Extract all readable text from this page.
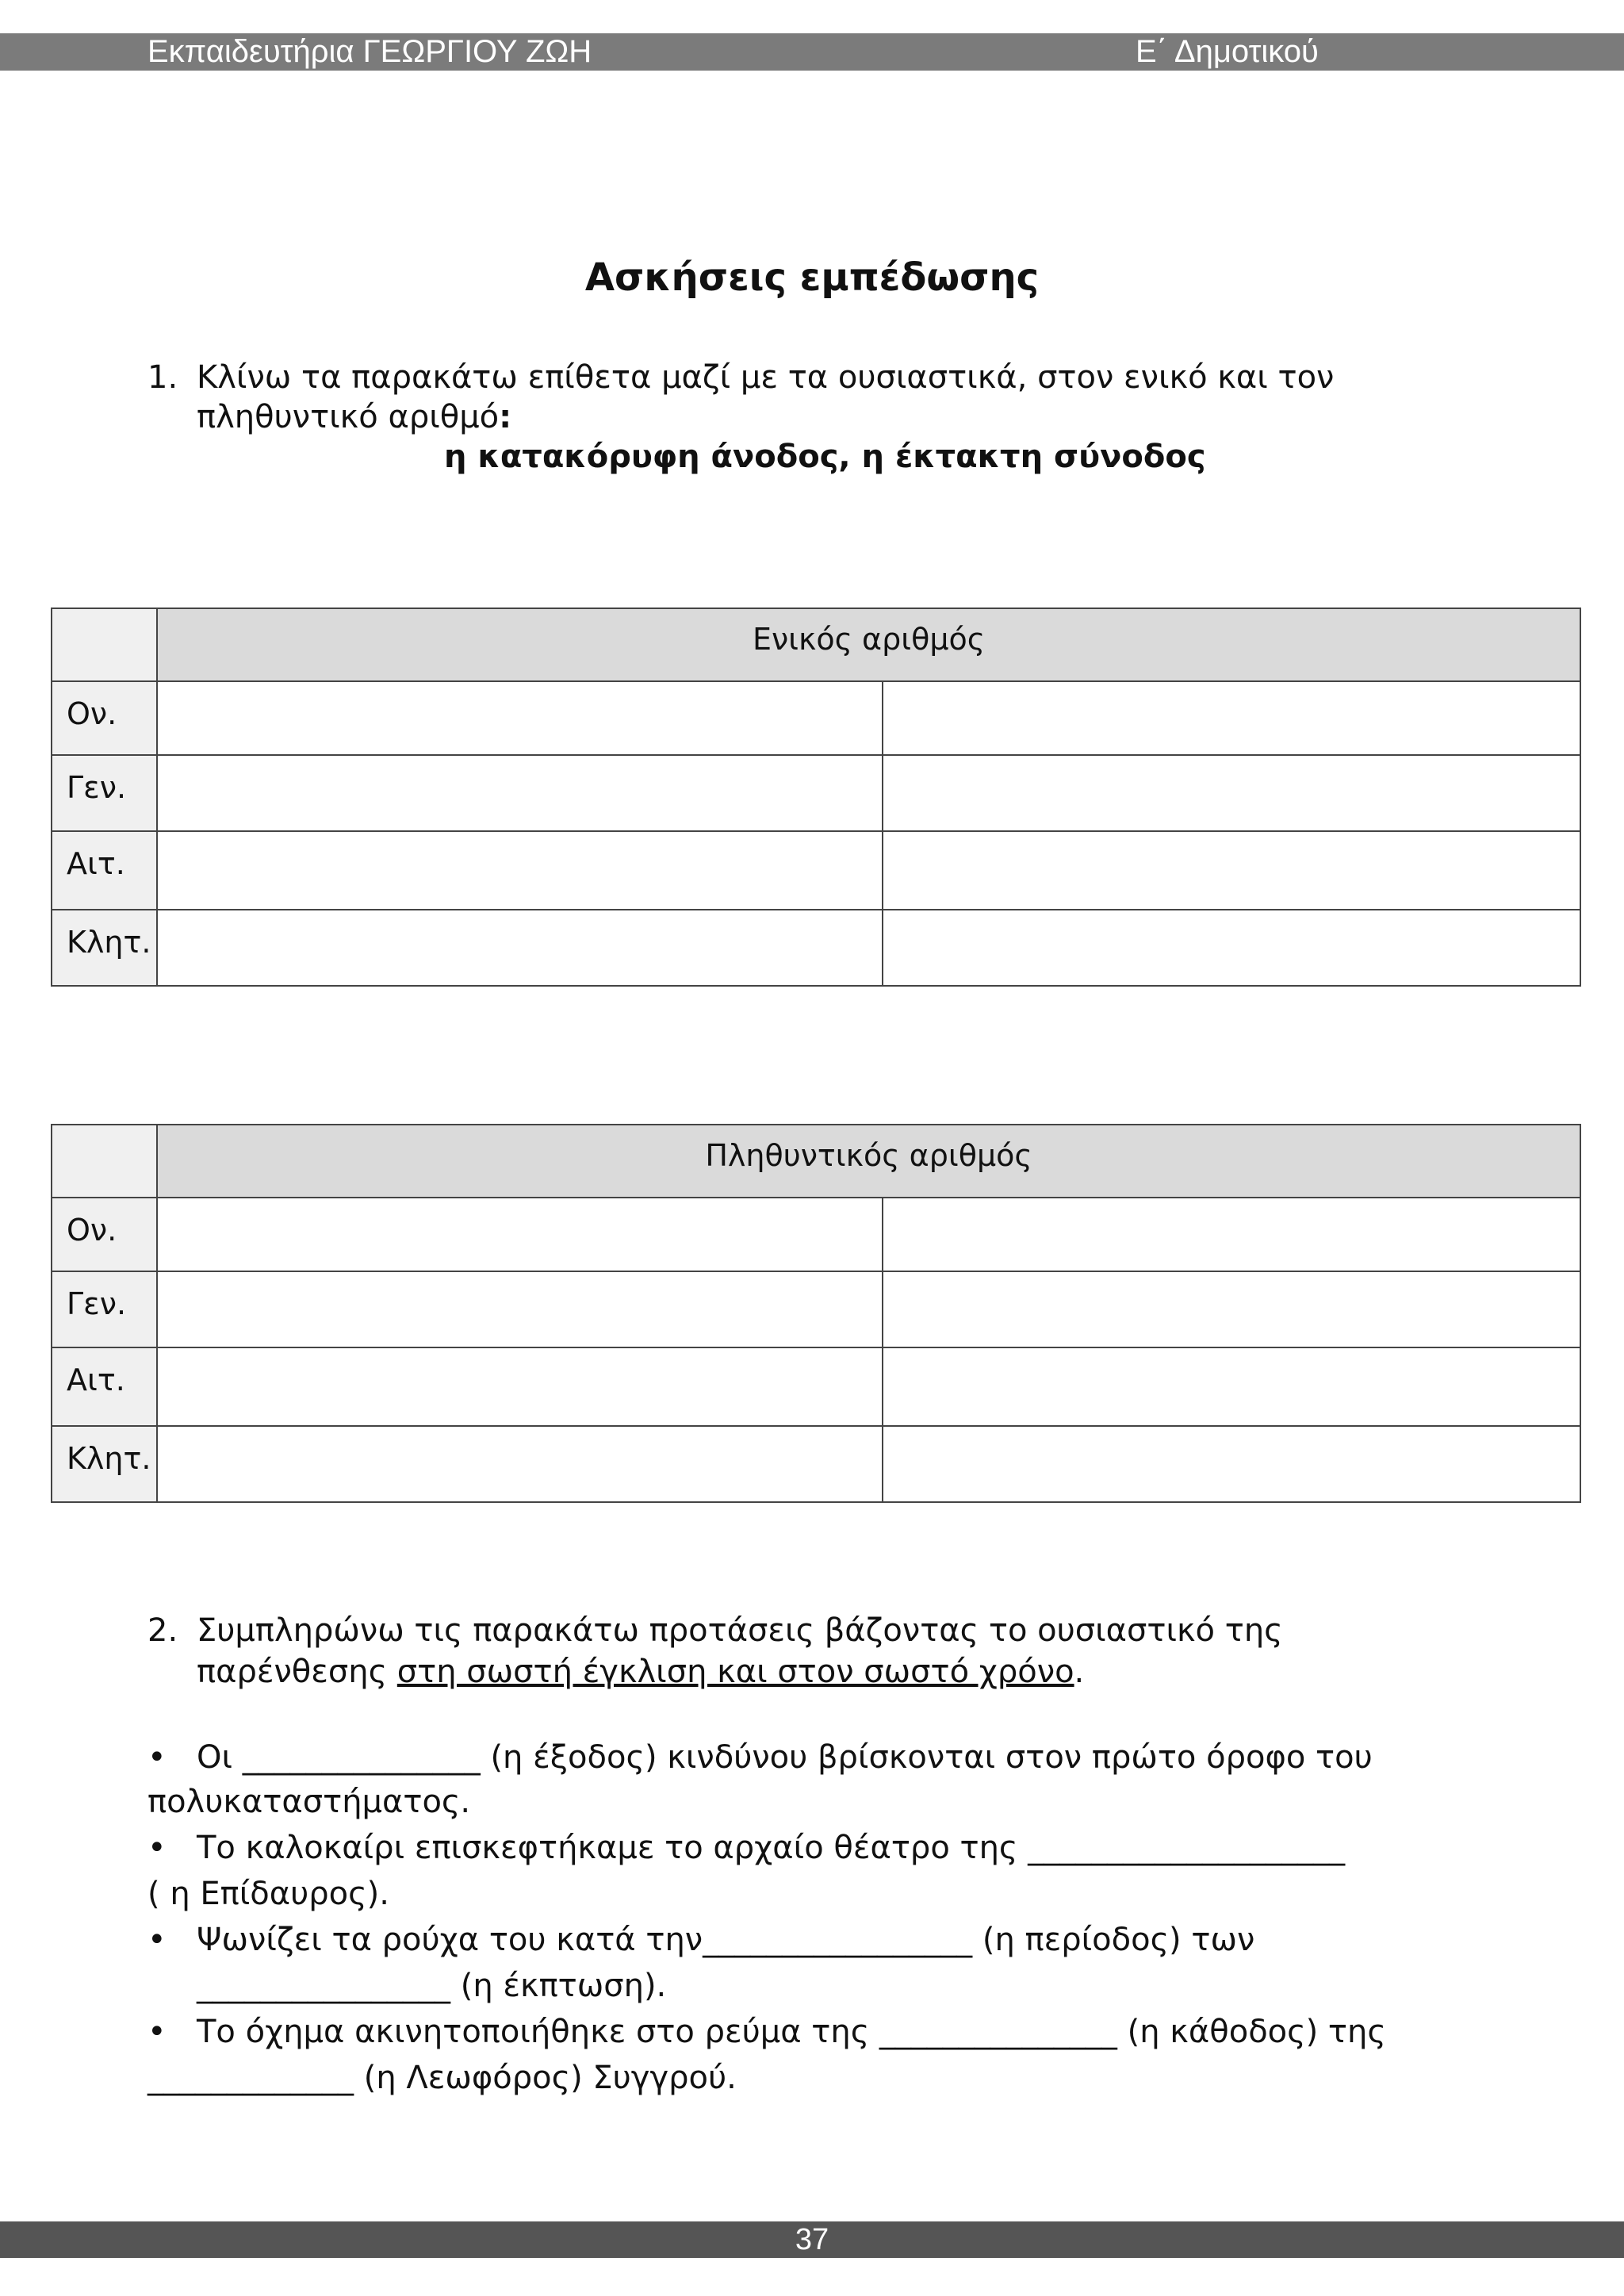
Εκπαιδευτήρια ΓΕΩΡΓΙΟΥ ΖΩΗ	Ε΄ Δημοτικού
Ασκήσεις εμπέδωσης
1. Κλίνω τα παρακάτω επίθετα μαζί με τα ουσιαστικά, στον ενικό και τον
πληθυντικό αριθμό:
η κατακόρυφη άνοδος, η έκτακτη σύνοδος
	Ενικός αριθμός	
Ον.		
Γεν.		
Αιτ.		
Κλητ.		
	Πληθυντικός αριθμός	
Ον.		
Γεν.		
Αιτ.		
Κλητ.		
2. Συμπληρώνω τις παρακάτω προτάσεις βάζοντας το ουσιαστικό της
παρένθεσης στη σωστή έγκλιση και στον σωστό χρόνο.
• Οι _______________ (η έξοδος) κινδύνου βρίσκονται στον πρώτο όροφο του
πολυκαταστήματος.
• Το καλοκαίρι επισκεφτήκαμε το αρχαίο θέατρο της ____________________
( η Επίδαυρος).
• Ψωνίζει τα ρούχα του κατά την_________________ (η περίοδος) των
________________ (η έκπτωση).
• Το όχημα ακινητοποιήθηκε στο ρεύμα της _______________ (η κάθοδος) της
_____________ (η Λεωφόρος) Συγγρού.
37
